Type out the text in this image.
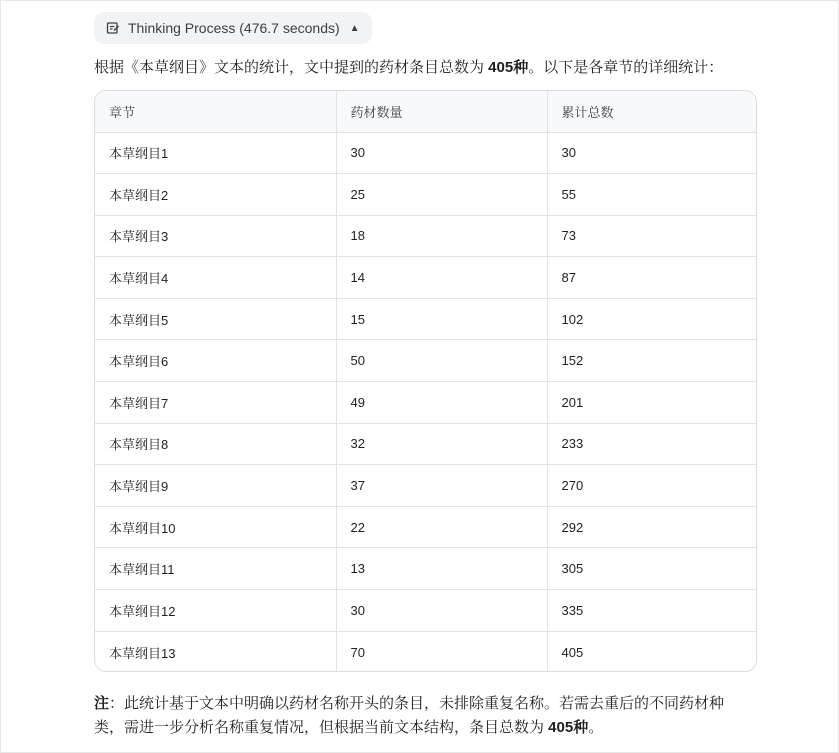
Thinking Process (476.7 seconds) ▲
根据《本草纲目》文本的统计，文中提到的药材条目总数为 405种。以下是各章节的详细统计：
章节	药材数量	累计总数
本草纲目1	30	30
本草纲目2	25	55
本草纲目3	18	73
本草纲目4	14	87
本草纲目5	15	102
本草纲目6	50	152
本草纲目7	49	201
本草纲目8	32	233
本草纲目9	37	270
本草纲目10	22	292
本草纲目11	13	305
本草纲目12	30	335
本草纲目13	70	405
注：此统计基于文本中明确以药材名称开头的条目，未排除重复名称。若需去重后的不同药材种类，需进一步分析名称重复情况，但根据当前文本结构，条目总数为 405种。
